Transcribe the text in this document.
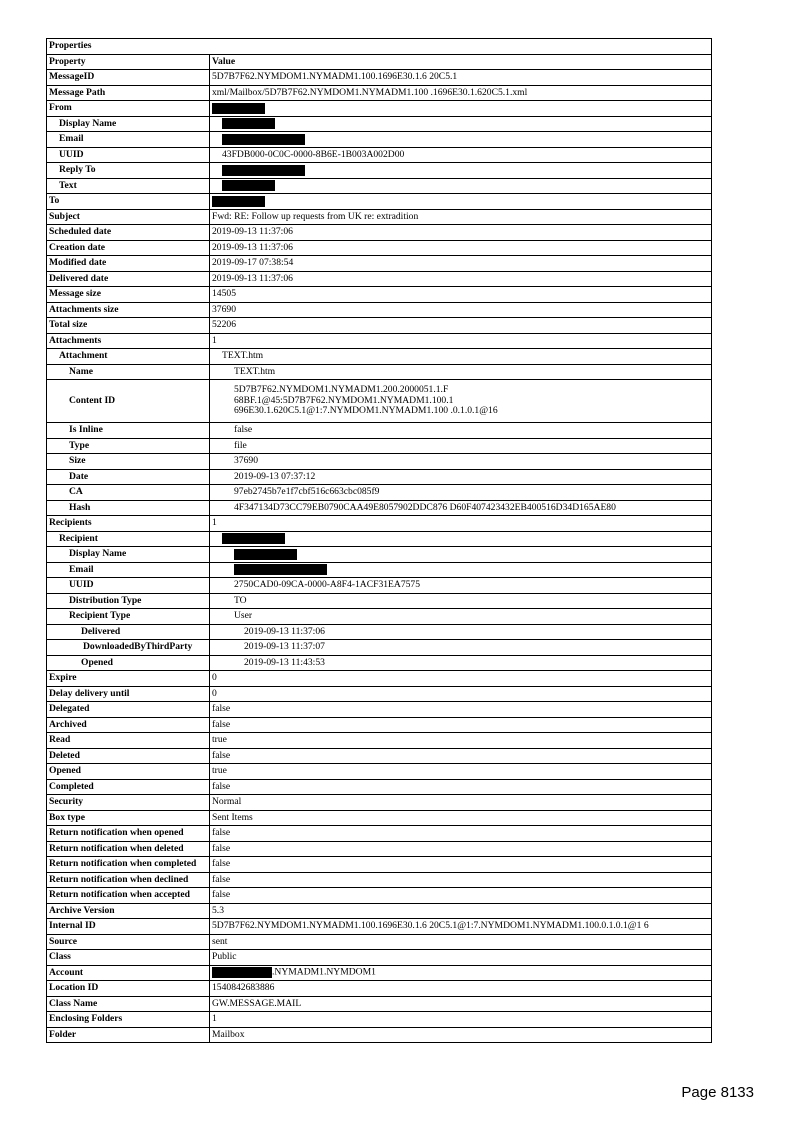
Properties	
Property	Value
MessageID	5D7B7F62.NYMDOM1.NYMADM1.100.1696E30.1.6 20C5.1
Message Path	xml/Mailbox/5D7B7F62.NYMDOM1.NYMADM1.100 .1696E30.1.620C5.1.xml
From	
Display Name	
Email	
UUID	43FDB000-0C0C-0000-8B6E-1B003A002D00
Reply To	
Text	
To	
Subject	Fwd: RE: Follow up requests from UK re: extradition
Scheduled date	2019-09-13 11:37:06
Creation date	2019-09-13 11:37:06
Modified date	2019-09-17 07:38:54
Delivered date	2019-09-13 11:37:06
Message size	14505
Attachments size	37690
Total size	52206
Attachments	1
Attachment	TEXT.htm
Name	TEXT.htm
Content ID	5D7B7F62.NYMDOM1.NYMADM1.200.2000051.1.F
68BF.1@45:5D7B7F62.NYMDOM1.NYMADM1.100.1
696E30.1.620C5.1@1:7.NYMDOM1.NYMADM1.100 .0.1.0.1@16
Is Inline	false
Type	file
Size	37690
Date	2019-09-13 07:37:12
CA	97eb2745b7e1f7cbf516c663cbc085f9
Hash	4F347134D73CC79EB0790CAA49E8057902DDC876 D60F407423432EB400516D34D165AE80
Recipients	1
Recipient	
Display Name	
Email	
UUID	2750CAD0-09CA-0000-A8F4-1ACF31EA7575
Distribution Type	TO
Recipient Type	User
Delivered	2019-09-13 11:37:06
DownloadedByThirdParty	2019-09-13 11:37:07
Opened	2019-09-13 11:43:53
Expire	0
Delay delivery until	0
Delegated	false
Archived	false
Read	true
Deleted	false
Opened	true
Completed	false
Security	Normal
Box type	Sent Items
Return notification when opened	false
Return notification when deleted	false
Return notification when completed	false
Return notification when declined	false
Return notification when accepted	false
Archive Version	5.3
Internal ID	5D7B7F62.NYMDOM1.NYMADM1.100.1696E30.1.6 20C5.1@1:7.NYMDOM1.NYMADM1.100.0.1.0.1@1 6
Source	sent
Class	Public
Account	.NYMADM1.NYMDOM1
Location ID	1540842683886
Class Name	GW.MESSAGE.MAIL
Enclosing Folders	1
Folder	Mailbox
Page 8133
